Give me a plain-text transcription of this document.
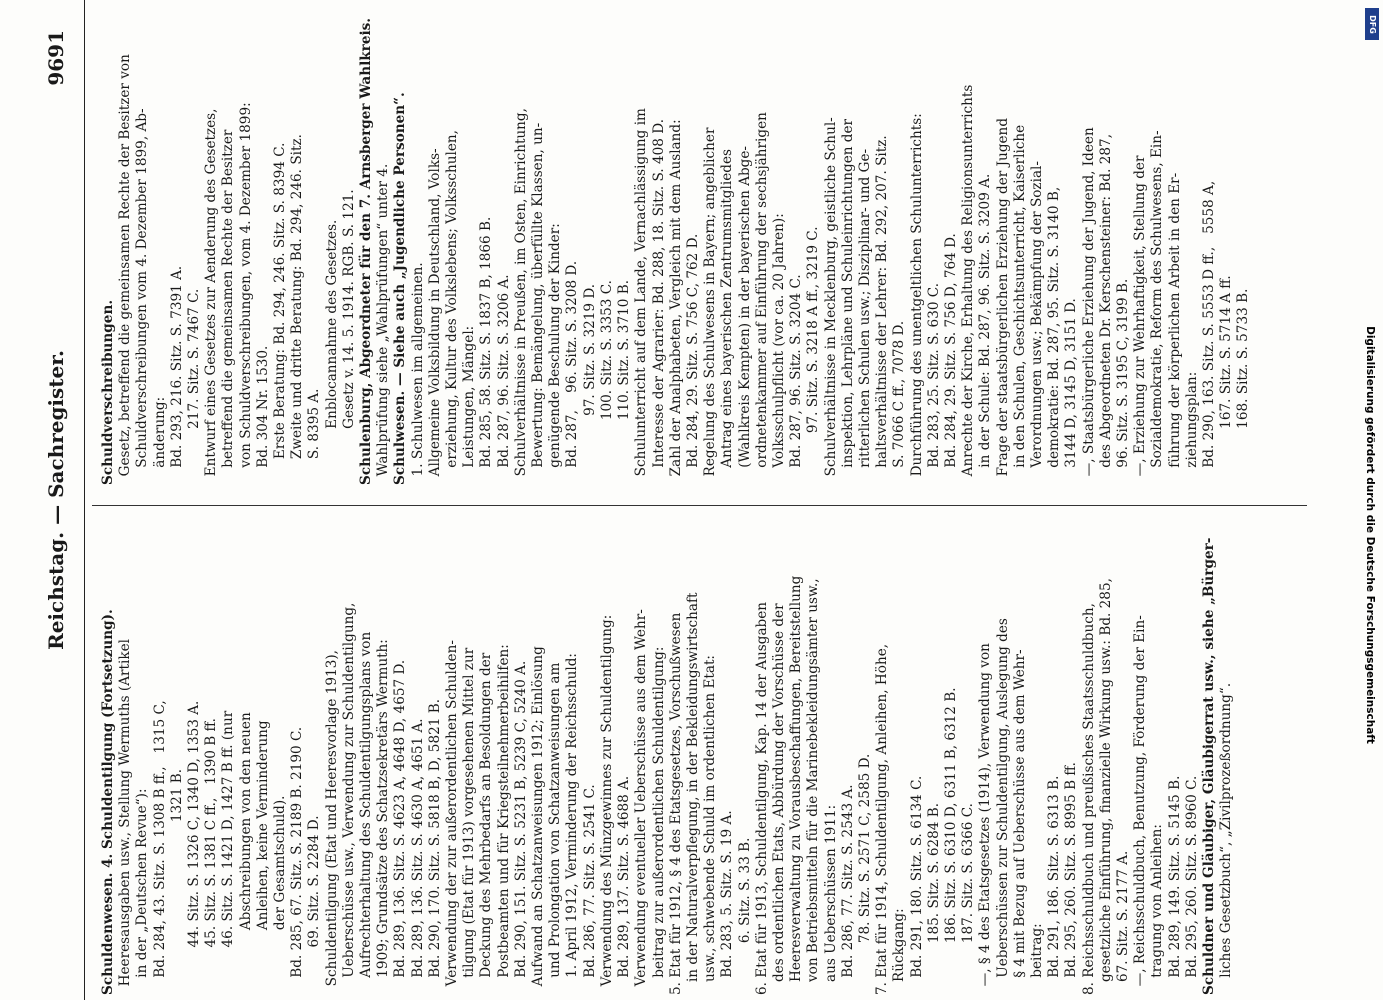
Reichstag. — Sachregister.
9691
Schuldenwesen. 4. Schuldentilgung (Fortsetzung). Heeresausgaben usw., Stellung Wermuths (Artikel in der „Deutschen Revue“): Bd. 284, 43. Sitz. S. 1308 B ff.,   1315 C, 1321 B. 44. Sitz. S. 1326 C, 1340 D, 1353 A. 45. Sitz. S. 1381 C ff.,   1390 B ff. 46. Sitz. S. 1421 D, 1427 B ff. (nur Abschreibungen von den neuen Anleihen, keine Verminderung der Gesamtschuld). Bd. 285, 67. Sitz. S. 2189 B. 2190 C. 69. Sitz. S. 2284 D. Schuldentilgung (Etat und Heeresvorlage 1913), Ueberschüsse usw., Verwendung zur Schuldentilgung, Aufrechterhaltung des Schuldentilgungsplans von 1909; Grundsätze des Schatzsekretärs Wermuth: Bd. 289, 136. Sitz. S. 4623 A, 4648 D, 4657 D. Bd. 289, 136. Sitz. S. 4630 A, 4651 A. Bd. 290, 170. Sitz. S. 5818 B, D, 5821 B. Verwendung der zur außerordentlichen Schulden- tilgung (Etat für 1913) vorgesehenen Mittel zur Deckung des Mehrbedarfs an Besoldungen der Postbeamten und für Kriegsteilnehmerbeihilfen: Bd. 290, 151. Sitz. S. 5231 B, 5239 C, 5240 A. Aufwand an Schatzanweisungen 1912; Einlösung und Prolongation von Schatzanweisungen am 1. April 1912, Verminderung der Reichsschuld: Bd. 286, 77. Sitz. S. 2541 C. Verwendung des Münzgewinnes zur Schuldentilgung: Bd. 289, 137. Sitz. S. 4688 A. Verwendung eventueller Ueberschüsse aus dem Wehr- beitrag zur außerordentlichen Schuldentilgung: 5. Etat für 1912, § 4 des Etatsgesetzes, Vorschußwesen in der Naturalverpflegung, in der Bekleidungswirtschaft usw., schwebende Schuld im ordentlichen Etat: Bd. 283, 5. Sitz. S. 19 A. 6. Sitz. S. 33 B. 6. Etat für 1913, Schuldentilgung, Kap. 14 der Ausgaben des ordentlichen Etats, Abbürdung der Vorschüsse der Heeresverwaltung zu Vorausbeschaffungen, Bereitstellung von Betriebsmitteln für die Marinebekleidungsämter usw., aus Ueberschüssen 1911: Bd. 286, 77. Sitz. S. 2543 A. 78. Sitz. S. 2571 C, 2585 D. 7. Etat für 1914, Schuldentilgung, Anleihen, Höhe, Rückgang: Bd. 291, 180. Sitz. S. 6134 C. 185. Sitz. S. 6284 B. 186. Sitz. S. 6310 D, 6311 B, 6312 B. 187. Sitz. S. 6366 C. —, § 4 des Etatsgesetzes (1914), Verwendung von Ueberschüssen zur Schuldentilgung, Auslegung des § 4 mit Bezug auf Ueberschüsse aus dem Wehr- beitrag: Bd. 291, 186. Sitz. S. 6313 B. Bd. 295, 260. Sitz. S. 8995 B ff. 8. Reichsschuldbuch und preußisches Staatsschuldbuch, gesetzliche Einführung, finanzielle Wirkung usw.: Bd. 285, 67. Sitz. S. 2177 A. —, Reichsschuldbuch, Benutzung, Förderung der Ein- tragung von Anleihen: Bd. 289, 149. Sitz. S. 5145 B. Bd. 295, 260. Sitz. S. 8960 C. Schuldner und Gläubiger, Gläubigerrat usw., siehe „Bürger- liches Gesetzbuch“, „Zivilprozeßordnung“.
Schuldverschreibungen. Gesetz, betreffend die gemeinsamen Rechte der Besitzer von Schuldverschreibungen vom 4. Dezember 1899, Ab- änderung: Bd. 293, 216. Sitz. S. 7391 A. 217. Sitz. S. 7467 C. Entwurf eines Gesetzes zur Aenderung des Gesetzes, betreffend die gemeinsamen Rechte der Besitzer von Schuldverschreibungen, vom 4. Dezember 1899: Bd. 304 Nr. 1530. Erste Beratung: Bd. 294, 246. Sitz. S. 8394 C. Zweite und dritte Beratung: Bd. 294, 246. Sitz. S. 8395 A. Enblocannahme des Gesetzes. Gesetz v. 14. 5. 1914. RGB. S. 121. Schulenburg, Abgeordneter für den 7. Arnsberger Wahlkreis. Wahlprüfung siehe „Wahlprüfungen“ unter 4. Schulwesen. — Siehe auch „Jugendliche Personen“. 1. Schulwesen im allgemeinen. Allgemeine Volksbildung in Deutschland, Volks- erziehung, Kultur des Volkslebens; Volksschulen, Leistungen, Mängel: Bd. 285, 58. Sitz. S. 1837 B, 1866 B. Bd. 287, 96. Sitz. S. 3206 A. Schulverhältnisse in Preußen, im Osten, Einrichtung, Bewertung: Bemängelung, überfüllte Klassen, un- genügende Beschulung der Kinder: Bd. 287,    96. Sitz. S. 3208 D. 97. Sitz. S. 3219 D. 100. Sitz. S. 3353 C. 110. Sitz. S. 3710 B. Schulunterricht auf dem Lande, Vernachlässigung im Interesse der Agrarier: Bd. 288, 18. Sitz. S. 408 D. Zahl der Analphabeten, Vergleich mit dem Ausland: Bd. 284, 29. Sitz. S. 756 C, 762 D. Regelung des Schulwesens in Bayern; angeblicher Antrag eines bayerischen Zentrumsmitgliedes (Wahlkreis Kempten) in der bayerischen Abge- ordnetenkammer auf Einführung der sechsjährigen Volksschulpflicht (vor ca. 20 Jahren): Bd. 287, 96. Sitz. S. 3204 C. 97. Sitz. S. 3218 A ff., 3219 C. Schulverhältnisse in Mecklenburg, geistliche Schul- inspektion, Lehrpläne und Schuleinrichtungen der ritterlichen Schulen usw.; Disziplinar- und Ge- haltsverhältnisse der Lehrer: Bd. 292, 207. Sitz. S. 7066 C ff., 7078 D. Durchführung des unentgeltlichen Schulunterrichts: Bd. 283, 25. Sitz. S. 630 C. Bd. 284, 29. Sitz. S. 756 D, 764 D. Anrechte der Kirche, Erhaltung des Religionsunterrichts in der Schule: Bd. 287, 96. Sitz. S. 3209 A. Frage der staatsbürgerlichen Erziehung der Jugend in den Schulen, Geschichtsunterricht, Kaiserliche Verordnungen usw.; Bekämpfung der Sozial- demokratie: Bd. 287, 95. Sitz. S. 3140 B, 3144 D, 3145 D, 3151 D. —, Staatsbürgerliche Erziehung der Jugend, Ideen des Abgeordneten Dr. Kerschensteiner: Bd. 287, 96. Sitz. S. 3195 C, 3199 B. —, Erziehung zur Wehrhaftigkeit, Stellung der Sozialdemokratie, Reform des Schulwesens, Ein- führung der körperlichen Arbeit in den Er- ziehungsplan: Bd. 290, 163. Sitz. S. 5553 D ff.,   5558 A, 167. Sitz. S. 5714 A ff. 168. Sitz. S. 5733 B.
DFG
Digitalisierung gefördert durch die Deutsche Forschungsgemeinschaft
